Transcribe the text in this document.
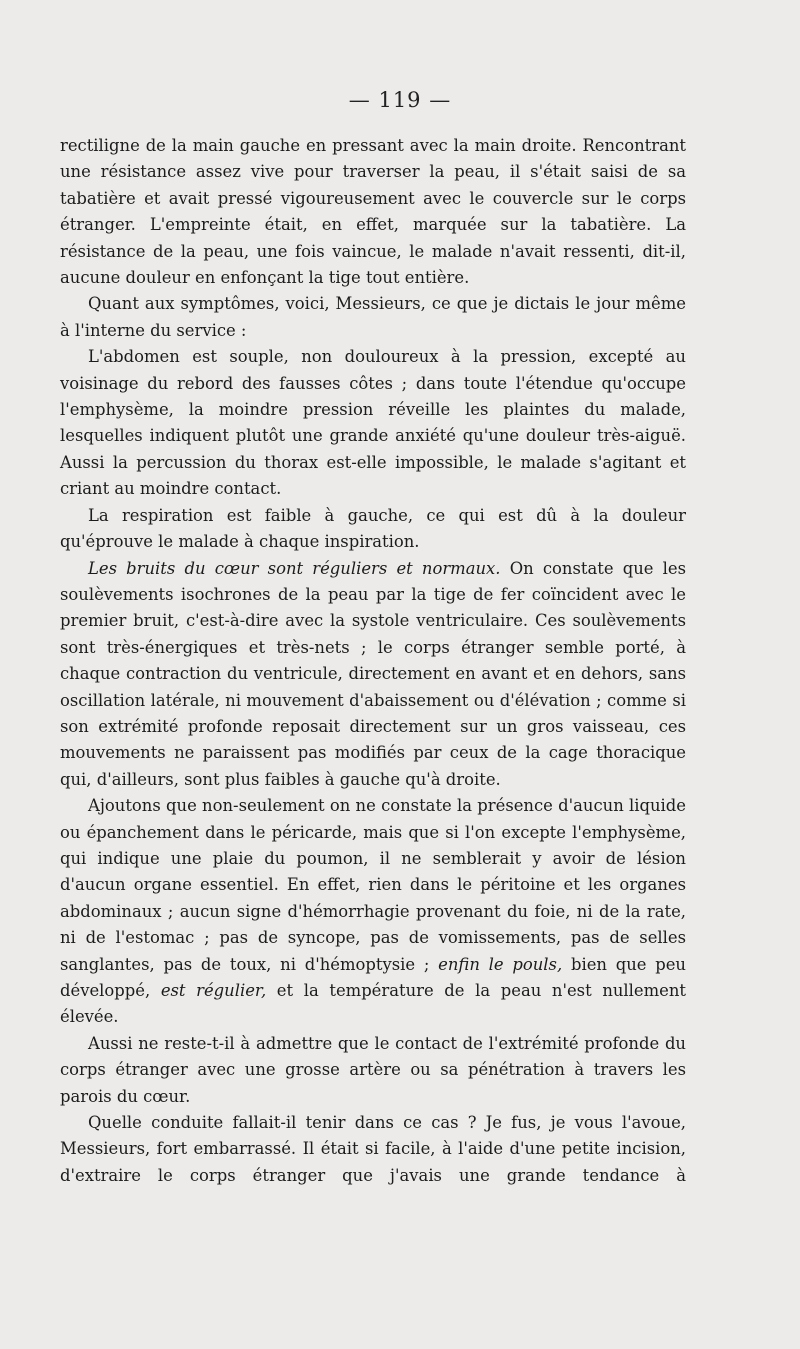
— 119 —

rectiligne de la main gauche en pressant avec la main droite. Rencontrant une résistance assez vive pour traverser la peau, il s'était saisi de sa tabatière et avait pressé vigoureusement avec le couvercle sur le corps étranger. L'empreinte était, en effet, marquée sur la tabatière. La résistance de la peau, une fois vaincue, le malade n'avait ressenti, dit-il, aucune douleur en enfonçant la tige tout entière.

Quant aux symptômes, voici, Messieurs, ce que je dictais le jour même à l'interne du service :

L'abdomen est souple, non douloureux à la pression, excepté au voisinage du rebord des fausses côtes ; dans toute l'étendue qu'occupe l'emphysème, la moindre pression réveille les plaintes du malade, lesquelles indiquent plutôt une grande anxiété qu'une douleur très-aiguë. Aussi la percussion du thorax est-elle impossible, le malade s'agitant et criant au moindre contact.

La respiration est faible à gauche, ce qui est dû à la douleur qu'éprouve le malade à chaque inspiration.

Les bruits du cœur sont réguliers et normaux. On constate que les soulèvements isochrones de la peau par la tige de fer coïncident avec le premier bruit, c'est-à-dire avec la systole ventriculaire. Ces soulèvements sont très-énergiques et très-nets ; le corps étranger semble porté, à chaque contraction du ventricule, directement en avant et en dehors, sans oscillation latérale, ni mouvement d'abaissement ou d'élévation ; comme si son extrémité profonde reposait directement sur un gros vaisseau, ces mouvements ne paraissent pas modifiés par ceux de la cage thoracique qui, d'ailleurs, sont plus faibles à gauche qu'à droite.

Ajoutons que non-seulement on ne constate la présence d'aucun liquide ou épanchement dans le péricarde, mais que si l'on excepte l'emphysème, qui indique une plaie du poumon, il ne semblerait y avoir de lésion d'aucun organe essentiel. En effet, rien dans le péritoine et les organes abdominaux ; aucun signe d'hémorrhagie provenant du foie, ni de la rate, ni de l'estomac ; pas de syncope, pas de vomissements, pas de selles sanglantes, pas de toux, ni d'hémoptysie ; enfin le pouls, bien que peu développé, est régulier, et la température de la peau n'est nullement élevée.

Aussi ne reste-t-il à admettre que le contact de l'extrémité profonde du corps étranger avec une grosse artère ou sa pénétration à travers les parois du cœur.

Quelle conduite fallait-il tenir dans ce cas ? Je fus, je vous l'avoue, Messieurs, fort embarrassé. Il était si facile, à l'aide d'une petite incision, d'extraire le corps étranger que j'avais une grande tendance à
